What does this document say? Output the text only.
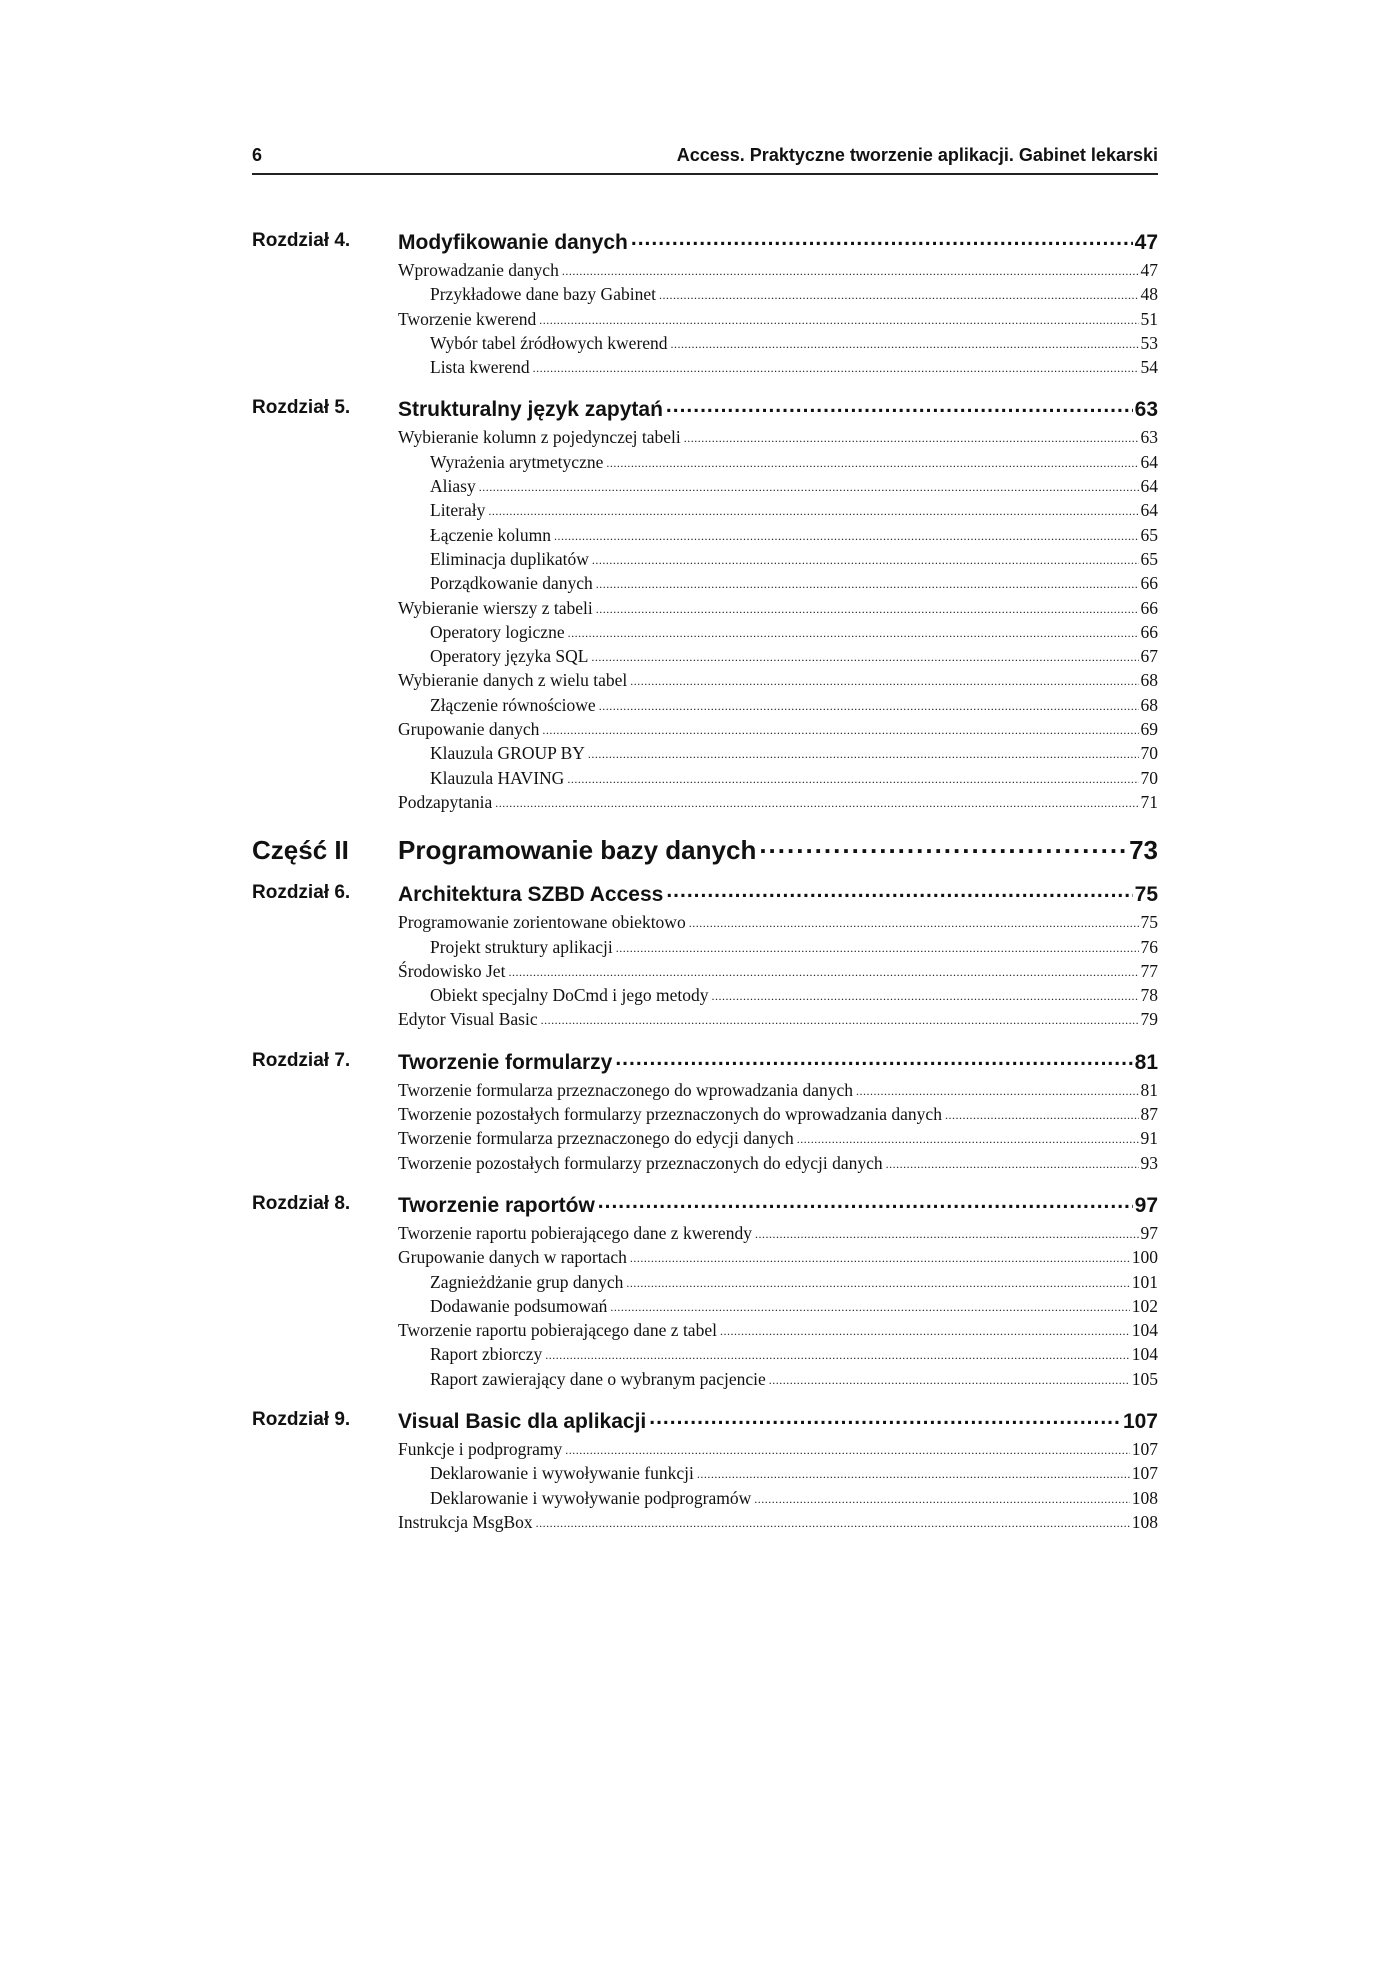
6	Access. Praktyczne tworzenie aplikacji. Gabinet lekarski
Rozdział 4. Modyfikowanie danych .....	47
Wprowadzanie danych .....	47
Przykładowe dane bazy Gabinet .....	48
Tworzenie kwerend .....	51
Wybór tabel źródłowych kwerend .....	53
Lista kwerend .....	54
Rozdział 5. Strukturalny język zapytań .....	63
Wybieranie kolumn z pojedynczej tabeli .....	63
Wyrażenia arytmetyczne .....	64
Aliasy .....	64
Literały .....	64
Łączenie kolumn .....	65
Eliminacja duplikatów .....	65
Porządkowanie danych .....	66
Wybieranie wierszy z tabeli .....	66
Operatory logiczne .....	66
Operatory języka SQL .....	67
Wybieranie danych z wielu tabel .....	68
Złączenie równościowe .....	68
Grupowanie danych .....	69
Klauzula GROUP BY .....	70
Klauzula HAVING .....	70
Podzapytania .....	71
Część II Programowanie bazy danych .....	73
Rozdział 6. Architektura SZBD Access .....	75
Programowanie zorientowane obiektowo .....	75
Projekt struktury aplikacji .....	76
Środowisko Jet .....	77
Obiekt specjalny DoCmd i jego metody .....	78
Edytor Visual Basic .....	79
Rozdział 7. Tworzenie formularzy .....	81
Tworzenie formularza przeznaczonego do wprowadzania danych .....	81
Tworzenie pozostałych formularzy przeznaczonych do wprowadzania danych .....	87
Tworzenie formularza przeznaczonego do edycji danych .....	91
Tworzenie pozostałych formularzy przeznaczonych do edycji danych .....	93
Rozdział 8. Tworzenie raportów .....	97
Tworzenie raportu pobierającego dane z kwerendy .....	97
Grupowanie danych w raportach .....	100
Zagnieżdżanie grup danych .....	101
Dodawanie podsumowań .....	102
Tworzenie raportu pobierającego dane z tabel .....	104
Raport zbiorczy .....	104
Raport zawierający dane o wybranym pacjencie .....	105
Rozdział 9. Visual Basic dla aplikacji .....	107
Funkcje i podprogramy .....	107
Deklarowanie i wywoływanie funkcji .....	107
Deklarowanie i wywoływanie podprogramów .....	108
Instrukcja MsgBox .....	108
